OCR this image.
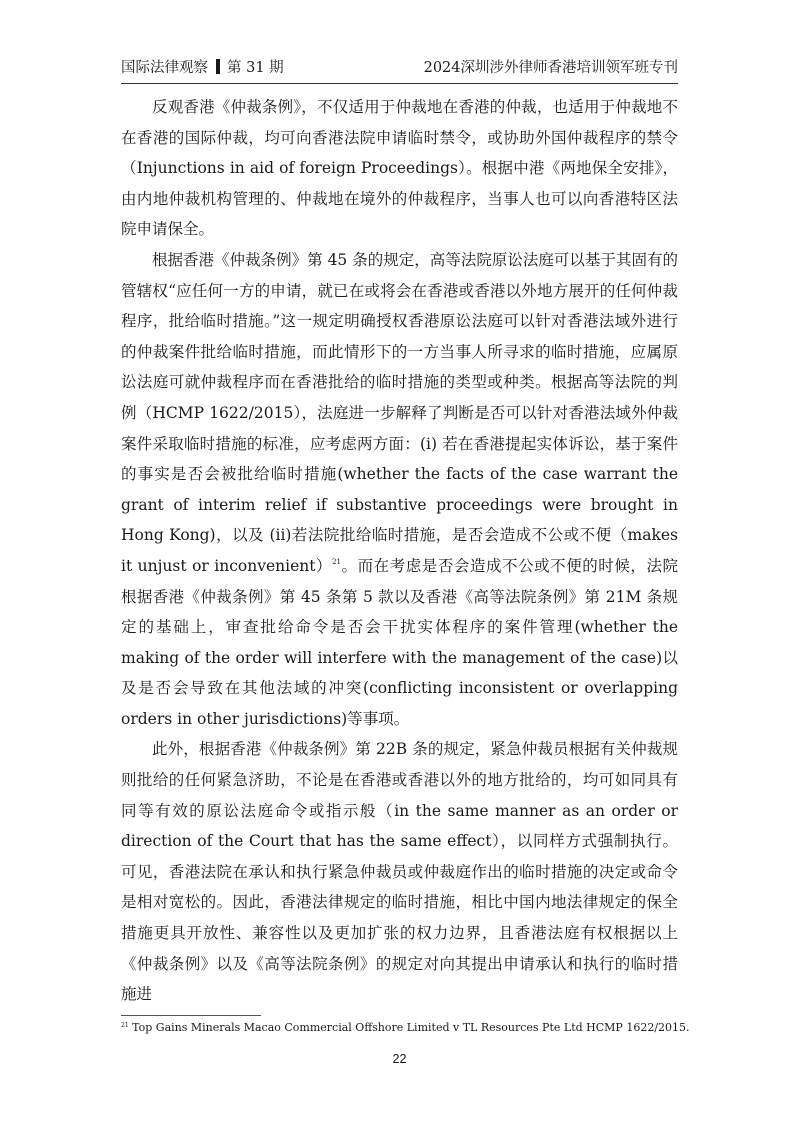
国际法律观察 第 31 期	2024深圳涉外律师香港培训领军班专刊

反观香港《仲裁条例》，不仅适用于仲裁地在香港的仲裁，也适用于仲裁地不在香港的国际仲裁，均可向香港法院申请临时禁令，或协助外国仲裁程序的禁令（Injunctions in aid of foreign Proceedings）。根据中港《两地保全安排》，由内地仲裁机构管理的、仲裁地在境外的仲裁程序，当事人也可以向香港特区法院申请保全。

根据香港《仲裁条例》第 45 条的规定，高等法院原讼法庭可以基于其固有的管辖权“应任何一方的申请，就已在或将会在香港或香港以外地方展开的任何仲裁程序，批给临时措施。”这一规定明确授权香港原讼法庭可以针对香港法域外进行的仲裁案件批给临时措施，而此情形下的一方当事人所寻求的临时措施，应属原讼法庭可就仲裁程序而在香港批给的临时措施的类型或种类。根据高等法院的判例（HCMP 1622/2015），法庭进一步解释了判断是否可以针对香港法域外仲裁案件采取临时措施的标准，应考虑两方面：(i) 若在香港提起实体诉讼，基于案件的事实是否会被批给临时措施(whether the facts of the case warrant the grant of interim relief if substantive proceedings were brought in Hong Kong)，以及 (ii)若法院批给临时措施，是否会造成不公或不便（makes it unjust or inconvenient）$^{21}$。而在考虑是否会造成不公或不便的时候，法院根据香港《仲裁条例》第 45 条第 5 款以及香港《高等法院条例》第 21M 条规定的基础上，审查批给命令是否会干扰实体程序的案件管理(whether the making of the order will interfere with the management of the case)以及是否会导致在其他法域的冲突(conflicting inconsistent or overlapping orders in other jurisdictions)等事项。

此外，根据香港《仲裁条例》第 22B 条的规定，紧急仲裁员根据有关仲裁规则批给的任何紧急济助，不论是在香港或香港以外的地方批给的，均可如同具有同等有效的原讼法庭命令或指示般（in the same manner as an order or direction of the Court that has the same effect），以同样方式强制执行。可见，香港法院在承认和执行紧急仲裁员或仲裁庭作出的临时措施的决定或命令是相对宽松的。因此，香港法律规定的临时措施，相比中国内地法律规定的保全措施更具开放性、兼容性以及更加扩张的权力边界，且香港法庭有权根据以上《仲裁条例》以及《高等法院条例》的规定对向其提出申请承认和执行的临时措施进

$^{21}$ Top Gains Minerals Macao Commercial Offshore Limited v TL Resources Pte Ltd HCMP 1622/2015.
22
